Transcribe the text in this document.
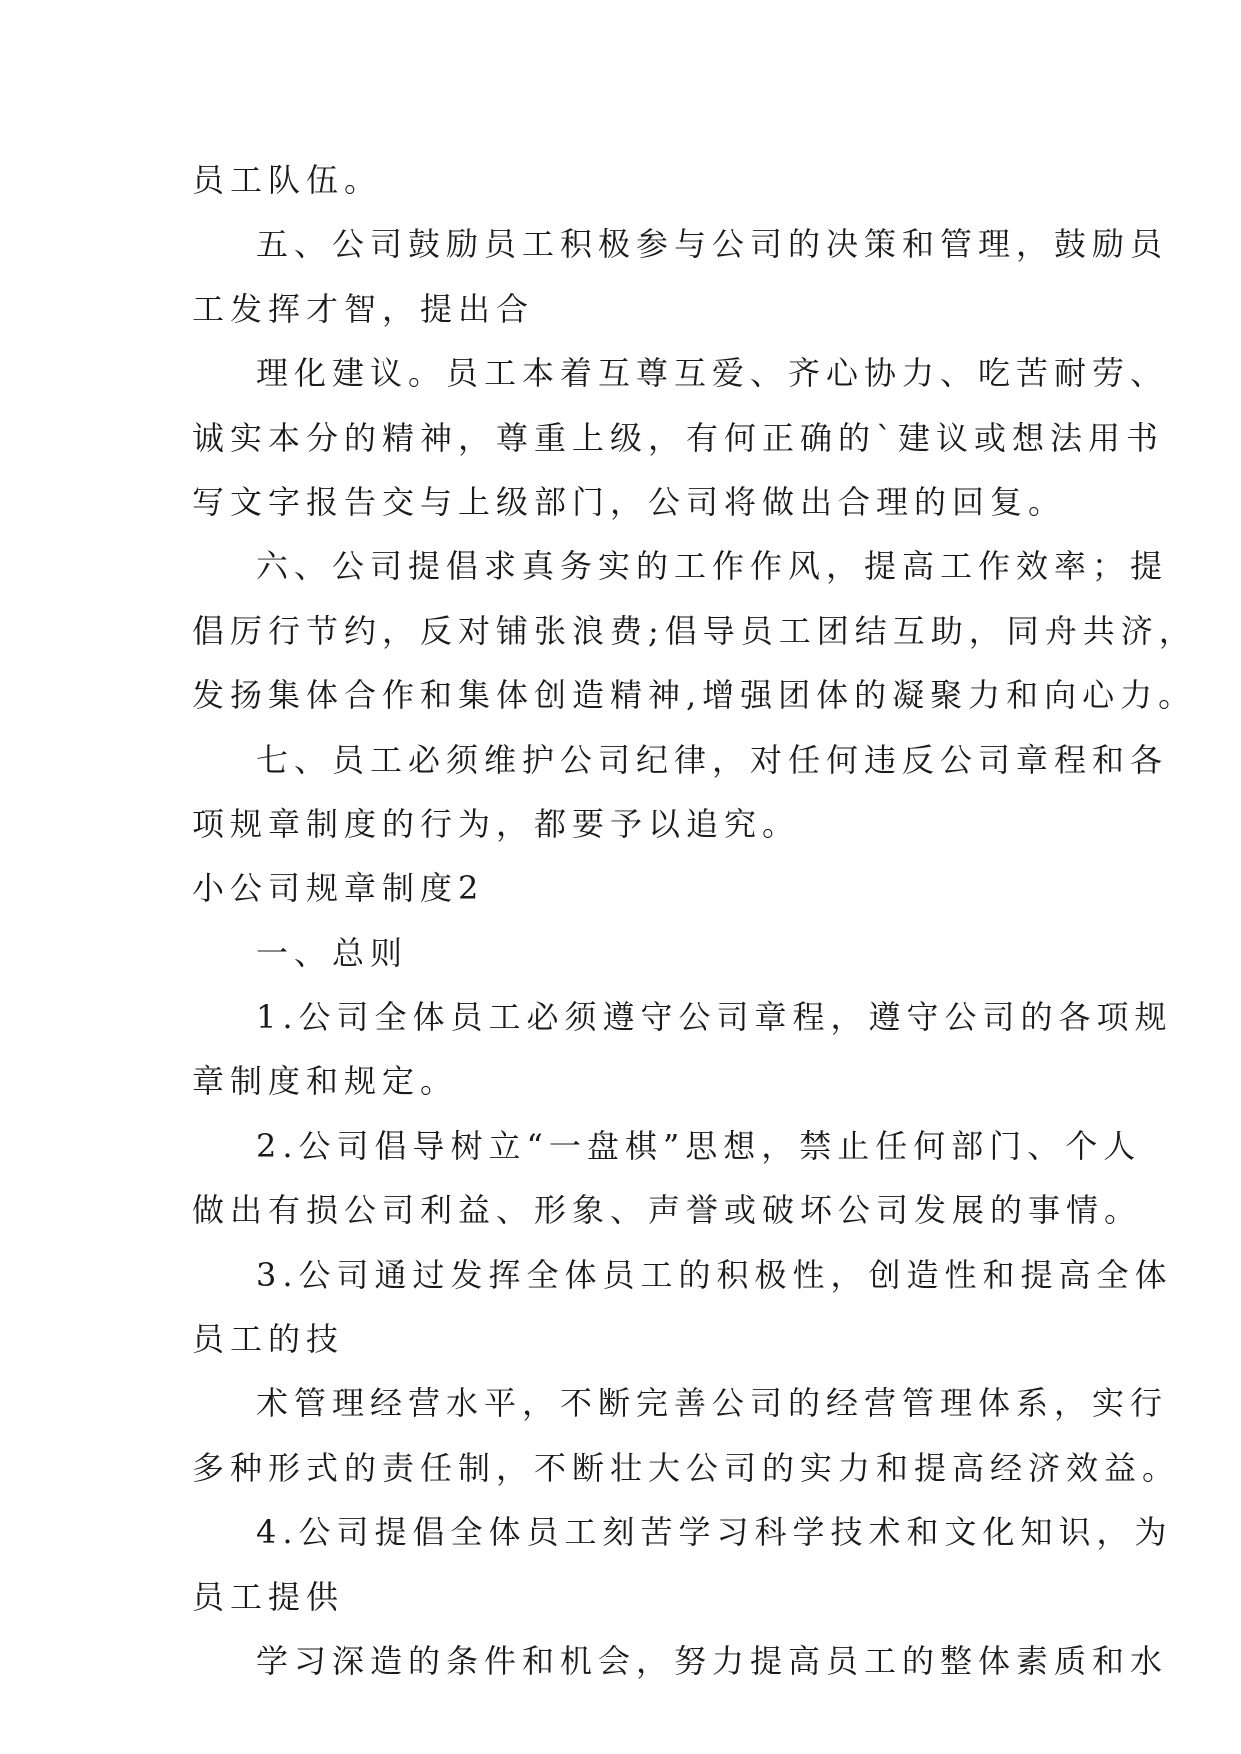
员工队伍。
五、公司鼓励员工积极参与公司的决策和管理，鼓励员
工发挥才智，提出合
理化建议。员工本着互尊互爱、齐心协力、吃苦耐劳、
诚实本分的精神，尊重上级，有何正确的`建议或想法用书
写文字报告交与上级部门，公司将做出合理的回复。
六、公司提倡求真务实的工作作风，提高工作效率；提
倡厉行节约，反对铺张浪费;倡导员工团结互助，同舟共济，
发扬集体合作和集体创造精神,增强团体的凝聚力和向心力。
七、员工必须维护公司纪律，对任何违反公司章程和各
项规章制度的行为，都要予以追究。
小公司规章制度2
一、总则
1.公司全体员工必须遵守公司章程，遵守公司的各项规
章制度和规定。
2.公司倡导树立“一盘棋”思想，禁止任何部门、个人
做出有损公司利益、形象、声誉或破坏公司发展的事情。
3.公司通过发挥全体员工的积极性，创造性和提高全体
员工的技
术管理经营水平，不断完善公司的经营管理体系，实行
多种形式的责任制，不断壮大公司的实力和提高经济效益。
4.公司提倡全体员工刻苦学习科学技术和文化知识，为
员工提供
学习深造的条件和机会，努力提高员工的整体素质和水
